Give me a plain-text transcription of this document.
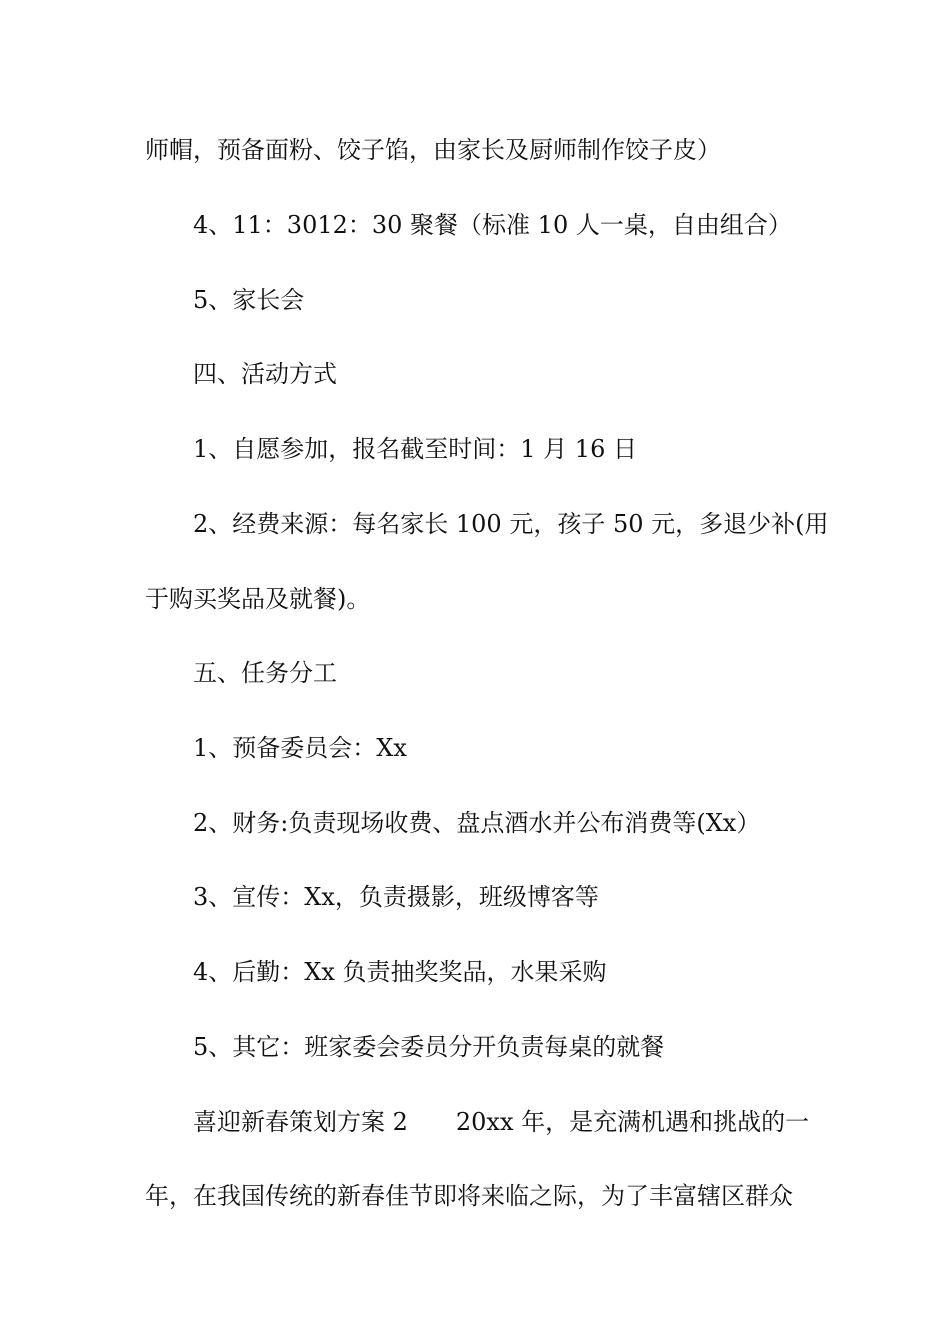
师帽，预备面粉、饺子馅，由家长及厨师制作饺子皮）
4、11：3012：30 聚餐（标准 10 人一桌，自由组合）
5、家长会
四、活动方式
1、自愿参加，报名截至时间：1 月 16 日
2、经费来源：每名家长 100 元，孩子 50 元，多退少补(用
于购买奖品及就餐)。
五、任务分工
1、预备委员会：Xx
2、财务:负责现场收费、盘点酒水并公布消费等(Xx）
3、宣传：Xx，负责摄影，班级博客等
4、后勤：Xx 负责抽奖奖品，水果采购
5、其它：班家委会委员分开负责每桌的就餐
喜迎新春策划方案 2　　20xx 年，是充满机遇和挑战的一
年，在我国传统的新春佳节即将来临之际，为了丰富辖区群众
